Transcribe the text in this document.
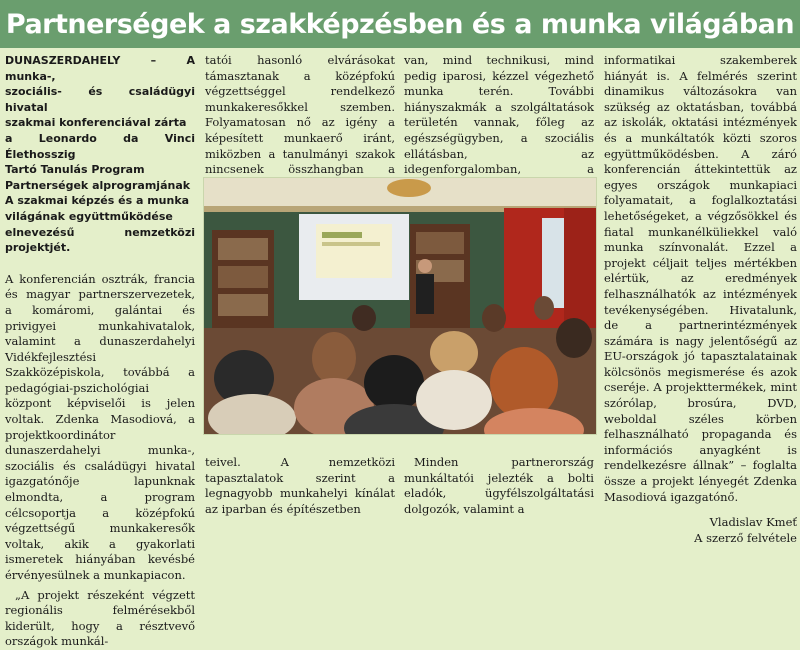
Partnerségek a szakképzésben és a munka világában
DUNASZERDAHELY – A munka-,
szociális- és családügyi hivatal
szakmai konferenciával zárta
a Leonardo da Vinci Élethosszig
Tartó Tanulás Program
Partnerségek alprogramjának
A szakmai képzés és a munka
világának együttműködése
elnevezésű nemzetközi projektjét.

A konferencián osztrák, francia és magyar partnerszervezetek, a komáromi, galántai és privigyei munkahivatalok, valamint a dunaszerdahelyi Vidékfejlesztési Szakközépiskola, továbbá a pedagógiai-pszichológiai központ képviselői is jelen voltak. Zdenka Masodiová, a projektkoordinátor dunaszerdahelyi munka-, szociális és családügyi hivatal igazgatónője lapunknak elmondta, a program célcsoportja a középfokú végzettségű munkakeresők voltak, akik a gyakorlati ismeretek hiányában kevésbé érvényesülnek a munkapiacon.

„A projekt részeként végzett regionális felmérésekből kiderült, hogy a résztvevő országok munkál-

tatói hasonló elvárásokat támasztanak a középfokú végzettséggel rendelkező munkakeresőkkel szemben. Folyamatosan nő az igény a képesített munkaerő iránt, miközben a tanulmányi szakok nincsenek összhangban a

van, mind technikusi, mind pedig iparosi, kézzel végezhető munka terén. További hiányszakmák a szolgáltatások területén vannak, főleg az egészségügyben, a szociális ellátásban, az idegenforgalomban, a

teivel. A nemzetközi tapasztalatok szerint a legnagyobb munkahelyi kínálat az iparban és építészetben

Minden partnerország munkáltatói jelezték a bolti eladók, ügyfélszolgáltatási dolgozók, valamint a

informatikai szakemberek hiányát is. A felmérés szerint dinamikus változásokra van szükség az oktatásban, továbbá az iskolák, oktatási intézmények és a munkáltatók közti szoros együttműködésben. A záró konferencián áttekintettük az egyes országok munkapiaci folyamatait, a foglalkoztatási lehetőségeket, a végzősökkel és fiatal munkanélküliekkel való munka színvonalát. Ezzel a projekt céljait teljes mértékben elértük, az eredmények felhasználhatók az intézmények tevékenységében. Hivatalunk, de a partnerintézmények számára is nagy jelentőségű az EU-országok jó tapasztalatainak kölcsönös megismerése és azok cseréje. A projekttermékek, mint szórólap, brosúra, DVD, weboldal széles körben felhasználható propaganda és információs anyagként is rendelkezésre állnak” – foglalta össze a projekt lényegét Zdenka Masodiová igazgatónő.

Vladislav Kmeť
A szerző felvétele
